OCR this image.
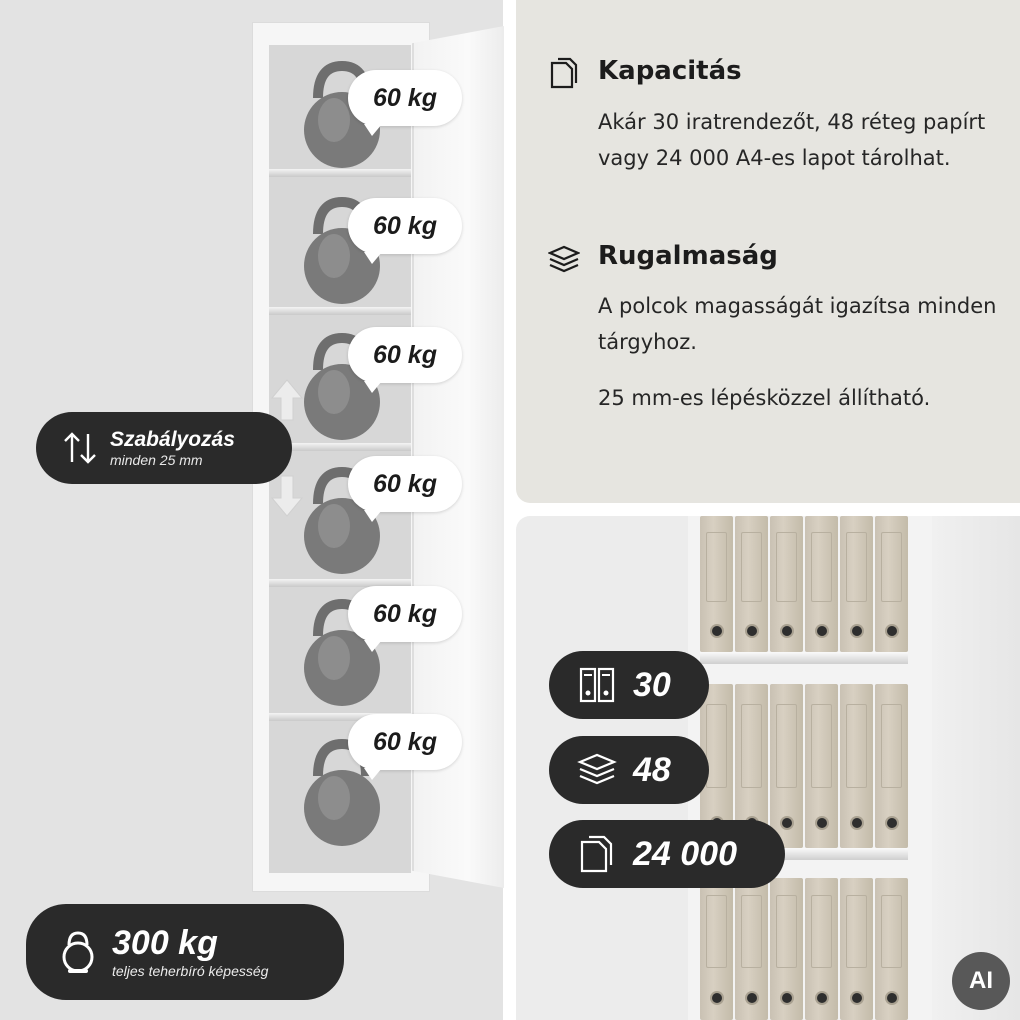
60 kg
60 kg
60 kg
60 kg
60 kg
60 kg
Szabályozás
minden 25 mm
300 kg
teljes teherbíró képesség
Kapacitás
Akár 30 iratrendezőt, 48 réteg papírt vagy 24 000 A4-es lapot tárolhat.
Rugalmaság
A polcok magasságát igazítsa minden tárgyhoz.
25 mm-es lépésközzel állítható.
30
48
24 000
AI
